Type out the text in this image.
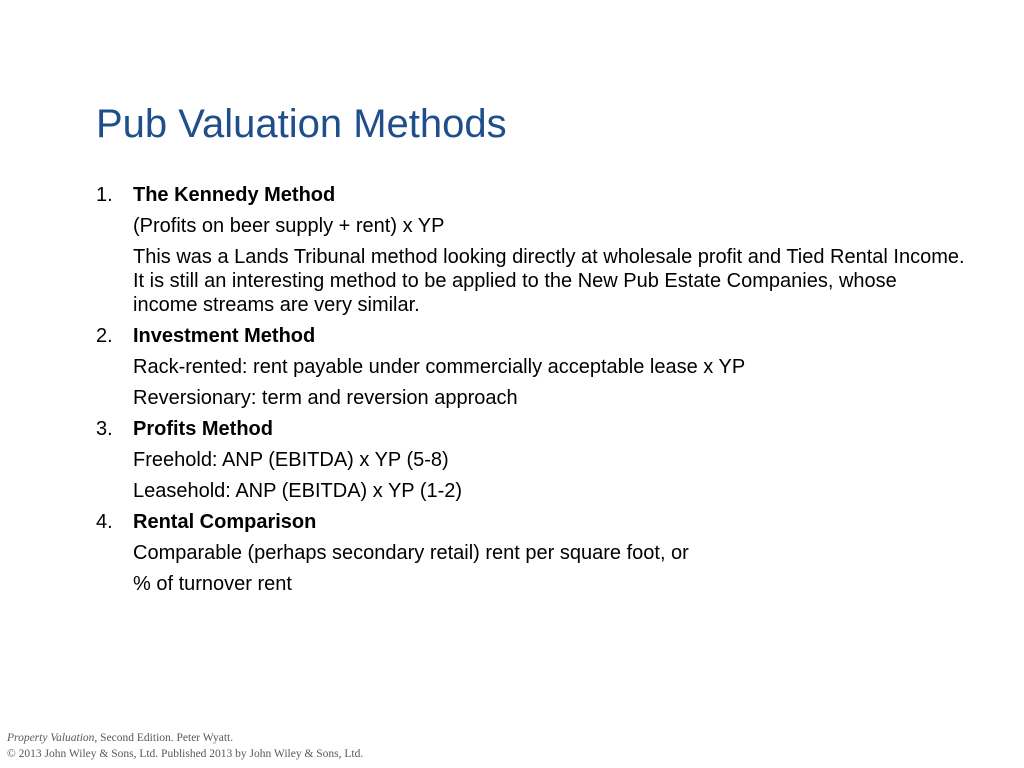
Pub Valuation Methods
1.	The Kennedy Method
(Profits on beer supply + rent) x YP
This was a Lands Tribunal method looking directly at wholesale profit and Tied Rental Income. It is still an interesting method to be applied to the New Pub Estate Companies, whose income streams are very similar.
2.	Investment Method
Rack-rented: rent payable under commercially acceptable lease x YP
Reversionary: term and reversion approach
3.	Profits Method
Freehold: ANP (EBITDA) x YP (5-8)
Leasehold: ANP (EBITDA) x YP (1-2)
4.	Rental Comparison
Comparable (perhaps secondary retail) rent per square foot, or
% of turnover rent
Property Valuation, Second Edition. Peter Wyatt.
© 2013 John Wiley & Sons, Ltd. Published 2013 by John Wiley & Sons, Ltd.
